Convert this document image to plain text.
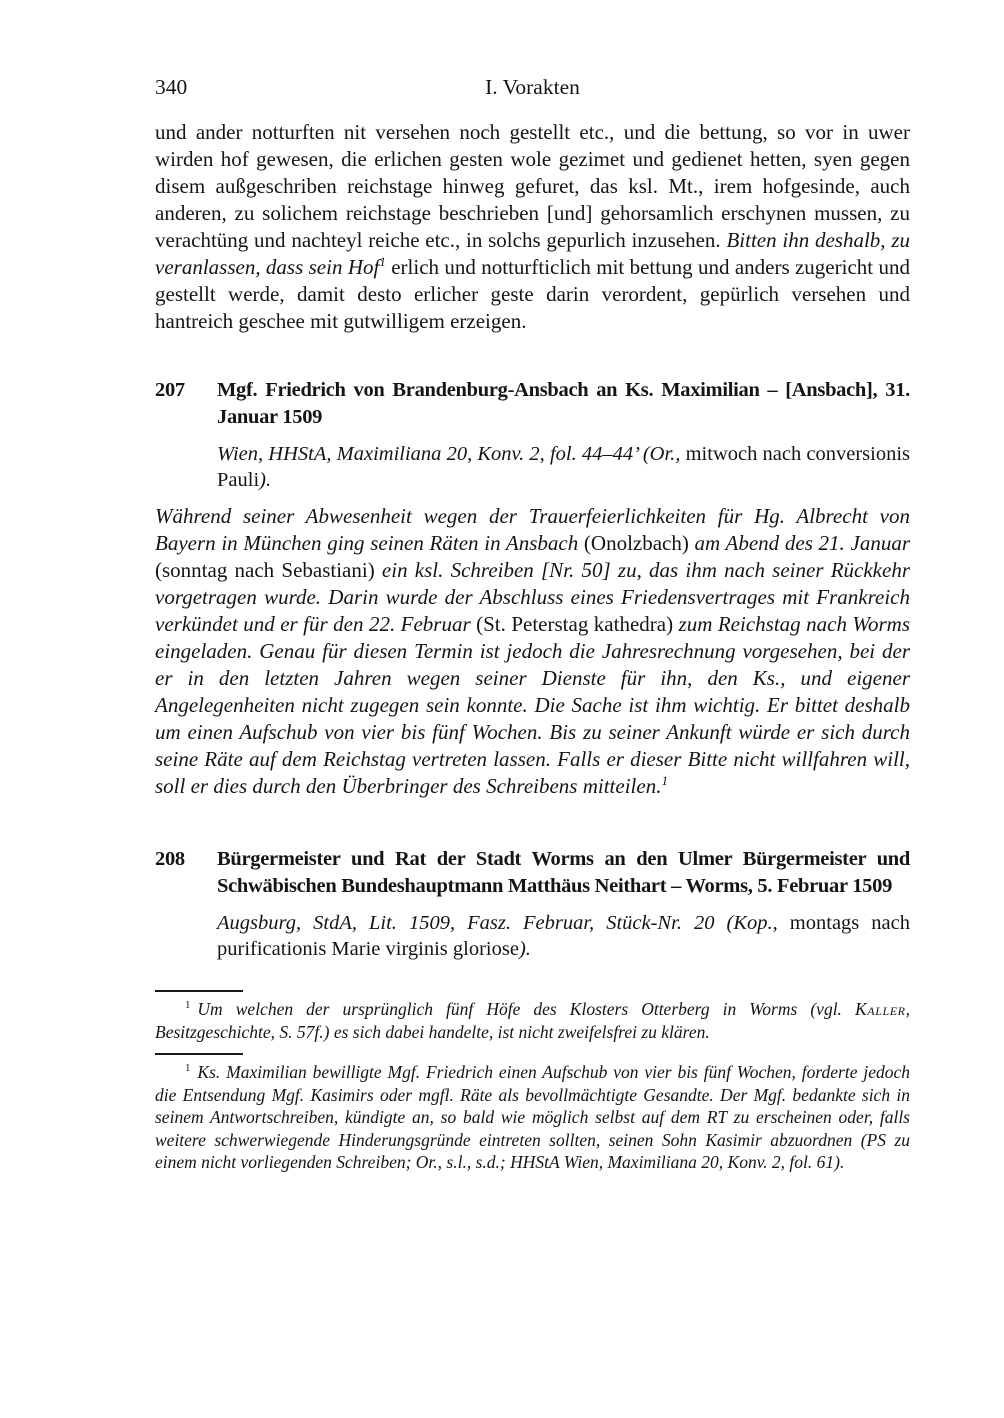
340	I. Vorakten

und ander notturften nit versehen noch gestellt etc., und die bettung, so vor in uwer wirden hof gewesen, die erlichen gesten wole gezimet und gedienet hetten, syen gegen disem außgeschriben reichstage hinweg gefuret, das ksl. Mt., irem hofgesinde, auch anderen, zu solichem reichstage beschrieben [und] gehorsamlich erschynen mussen, zu verachtüng und nachteyl reiche etc., in solchs gepurlich inzusehen. Bitten ihn deshalb, zu veranlassen, dass sein Hof$^1$ erlich und notturfticlich mit bettung und anders zugericht und gestellt werde, damit desto erlicher geste darin verordent, gepürlich versehen und hantreich geschee mit gutwilligem erzeigen.

207 Mgf. Friedrich von Brandenburg-Ansbach an Ks. Maximilian – [Ansbach], 31. Januar 1509

Wien, HHStA, Maximiliana 20, Konv. 2, fol. 44–44’ (Or., mitwoch nach conversionis Pauli).

Während seiner Abwesenheit wegen der Trauerfeierlichkeiten für Hg. Albrecht von Bayern in München ging seinen Räten in Ansbach (Onolzbach) am Abend des 21. Januar (sonntag nach Sebastiani) ein ksl. Schreiben [Nr. 50] zu, das ihm nach seiner Rückkehr vorgetragen wurde. Darin wurde der Abschluss eines Friedensvertrages mit Frankreich verkündet und er für den 22. Februar (St. Peterstag kathedra) zum Reichstag nach Worms eingeladen. Genau für diesen Termin ist jedoch die Jahresrechnung vorgesehen, bei der er in den letzten Jahren wegen seiner Dienste für ihn, den Ks., und eigener Angelegenheiten nicht zugegen sein konnte. Die Sache ist ihm wichtig. Er bittet deshalb um einen Aufschub von vier bis fünf Wochen. Bis zu seiner Ankunft würde er sich durch seine Räte auf dem Reichstag vertreten lassen. Falls er dieser Bitte nicht willfahren will, soll er dies durch den Überbringer des Schreibens mitteilen.$^1$

208 Bürgermeister und Rat der Stadt Worms an den Ulmer Bürgermeister und Schwäbischen Bundeshauptmann Matthäus Neithart – Worms, 5. Februar 1509

Augsburg, StdA, Lit. 1509, Fasz. Februar, Stück-Nr. 20 (Kop., montags nach purificationis Marie virginis gloriose).

$^1$ Um welchen der ursprünglich fünf Höfe des Klosters Otterberg in Worms (vgl. Kaller, Besitzgeschichte, S. 57f.) es sich dabei handelte, ist nicht zweifelsfrei zu klären.

$^1$ Ks. Maximilian bewilligte Mgf. Friedrich einen Aufschub von vier bis fünf Wochen, forderte jedoch die Entsendung Mgf. Kasimirs oder mgfl. Räte als bevollmächtigte Gesandte. Der Mgf. bedankte sich in seinem Antwortschreiben, kündigte an, so bald wie möglich selbst auf dem RT zu erscheinen oder, falls weitere schwerwiegende Hinderungsgründe eintreten sollten, seinen Sohn Kasimir abzuordnen (PS zu einem nicht vorliegenden Schreiben; Or., s.l., s.d.; HHStA Wien, Maximiliana 20, Konv. 2, fol. 61).
